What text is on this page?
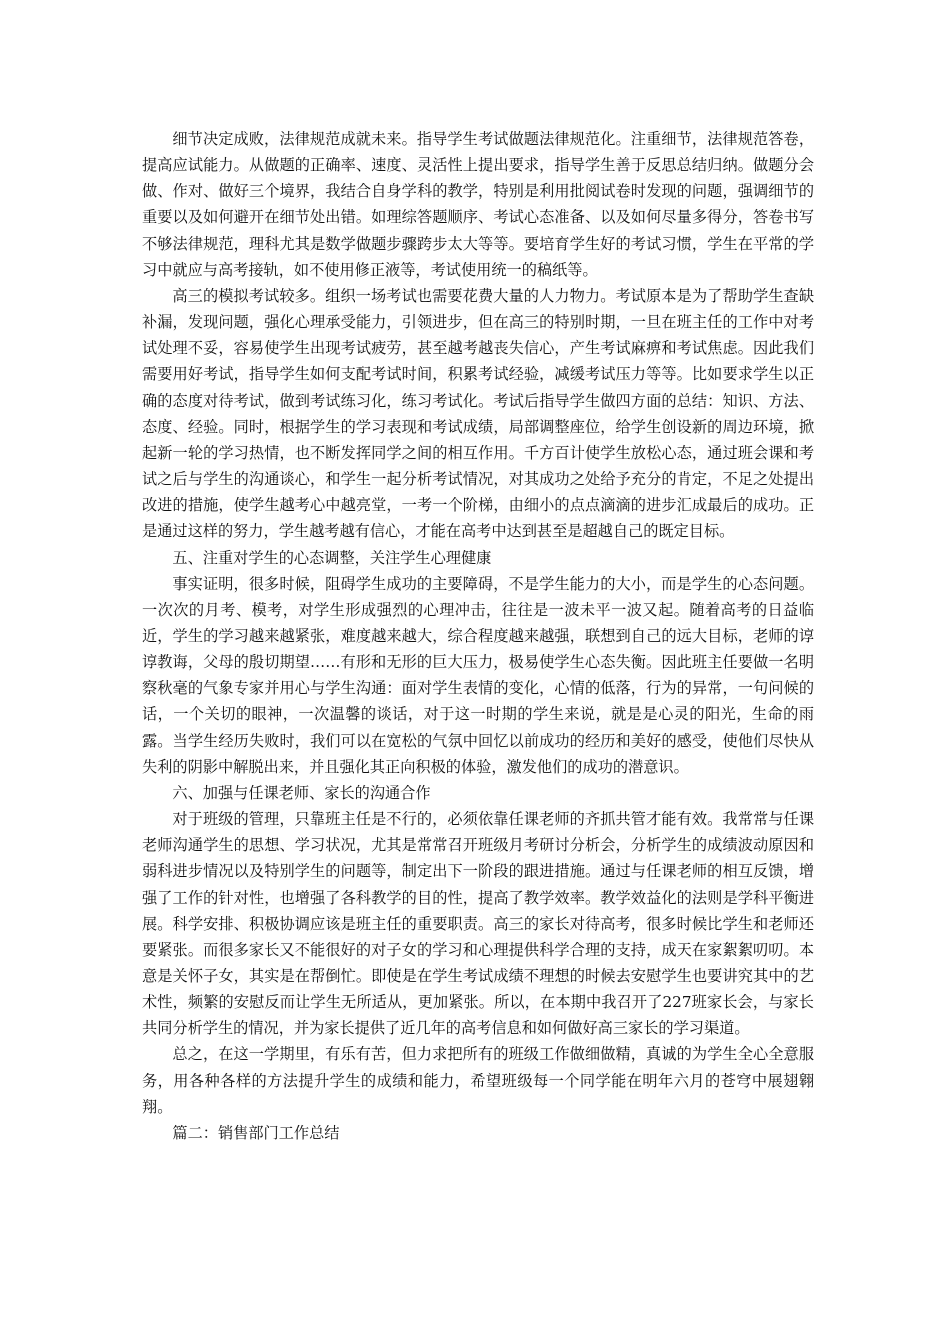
细节决定成败，法律规范成就未来。指导学生考试做题法律规范化。注重细节，法律规范答卷，提高应试能力。从做题的正确率、速度、灵活性上提出要求，指导学生善于反思总结归纳。做题分会做、作对、做好三个境界，我结合自身学科的教学，特别是利用批阅试卷时发现的问题，强调细节的重要以及如何避开在细节处出错。如理综答题顺序、考试心态准备、以及如何尽量多得分，答卷书写不够法律规范，理科尤其是数学做题步骤跨步太大等等。要培育学生好的考试习惯，学生在平常的学习中就应与高考接轨，如不使用修正液等，考试使用统一的稿纸等。

高三的模拟考试较多。组织一场考试也需要花费大量的人力物力。考试原本是为了帮助学生查缺补漏，发现问题，强化心理承受能力，引领进步，但在高三的特别时期，一旦在班主任的工作中对考试处理不妥，容易使学生出现考试疲劳，甚至越考越丧失信心，产生考试麻痹和考试焦虑。因此我们需要用好考试，指导学生如何支配考试时间，积累考试经验，减缓考试压力等等。比如要求学生以正确的态度对待考试，做到考试练习化，练习考试化。考试后指导学生做四方面的总结：知识、方法、态度、经验。同时，根据学生的学习表现和考试成绩，局部调整座位，给学生创设新的周边环境，掀起新一轮的学习热情，也不断发挥同学之间的相互作用。千方百计使学生放松心态，通过班会课和考试之后与学生的沟通谈心，和学生一起分析考试情况，对其成功之处给予充分的肯定，不足之处提出改进的措施，使学生越考心中越亮堂，一考一个阶梯，由细小的点点滴滴的进步汇成最后的成功。正是通过这样的努力，学生越考越有信心，才能在高考中达到甚至是超越自己的既定目标。

五、注重对学生的心态调整，关注学生心理健康

事实证明，很多时候，阻碍学生成功的主要障碍，不是学生能力的大小，而是学生的心态问题。一次次的月考、模考，对学生形成强烈的心理冲击，往往是一波未平一波又起。随着高考的日益临近，学生的学习越来越紧张，难度越来越大，综合程度越来越强，联想到自己的远大目标，老师的谆谆教诲，父母的殷切期望……有形和无形的巨大压力，极易使学生心态失衡。因此班主任要做一名明察秋毫的气象专家并用心与学生沟通：面对学生表情的变化，心情的低落，行为的异常，一句问候的话，一个关切的眼神，一次温馨的谈话，对于这一时期的学生来说，就是是心灵的阳光，生命的雨露。当学生经历失败时，我们可以在宽松的气氛中回忆以前成功的经历和美好的感受，使他们尽快从失利的阴影中解脱出来，并且强化其正向积极的体验，激发他们的成功的潜意识。

六、加强与任课老师、家长的沟通合作

对于班级的管理，只靠班主任是不行的，必须依靠任课老师的齐抓共管才能有效。我常常与任课老师沟通学生的思想、学习状况，尤其是常常召开班级月考研讨分析会，分析学生的成绩波动原因和弱科进步情况以及特别学生的问题等，制定出下一阶段的跟进措施。通过与任课老师的相互反馈，增强了工作的针对性，也增强了各科教学的目的性，提高了教学效率。教学效益化的法则是学科平衡进展。科学安排、积极协调应该是班主任的重要职责。高三的家长对待高考，很多时候比学生和老师还要紧张。而很多家长又不能很好的对子女的学习和心理提供科学合理的支持，成天在家絮絮叨叨。本意是关怀子女，其实是在帮倒忙。即使是在学生考试成绩不理想的时候去安慰学生也要讲究其中的艺术性，频繁的安慰反而让学生无所适从，更加紧张。所以，在本期中我召开了227班家长会，与家长共同分析学生的情况，并为家长提供了近几年的高考信息和如何做好高三家长的学习渠道。

总之，在这一学期里，有乐有苦，但力求把所有的班级工作做细做精，真诚的为学生全心全意服务，用各种各样的方法提升学生的成绩和能力，希望班级每一个同学能在明年六月的苍穹中展翅翱翔。

篇二：销售部门工作总结
